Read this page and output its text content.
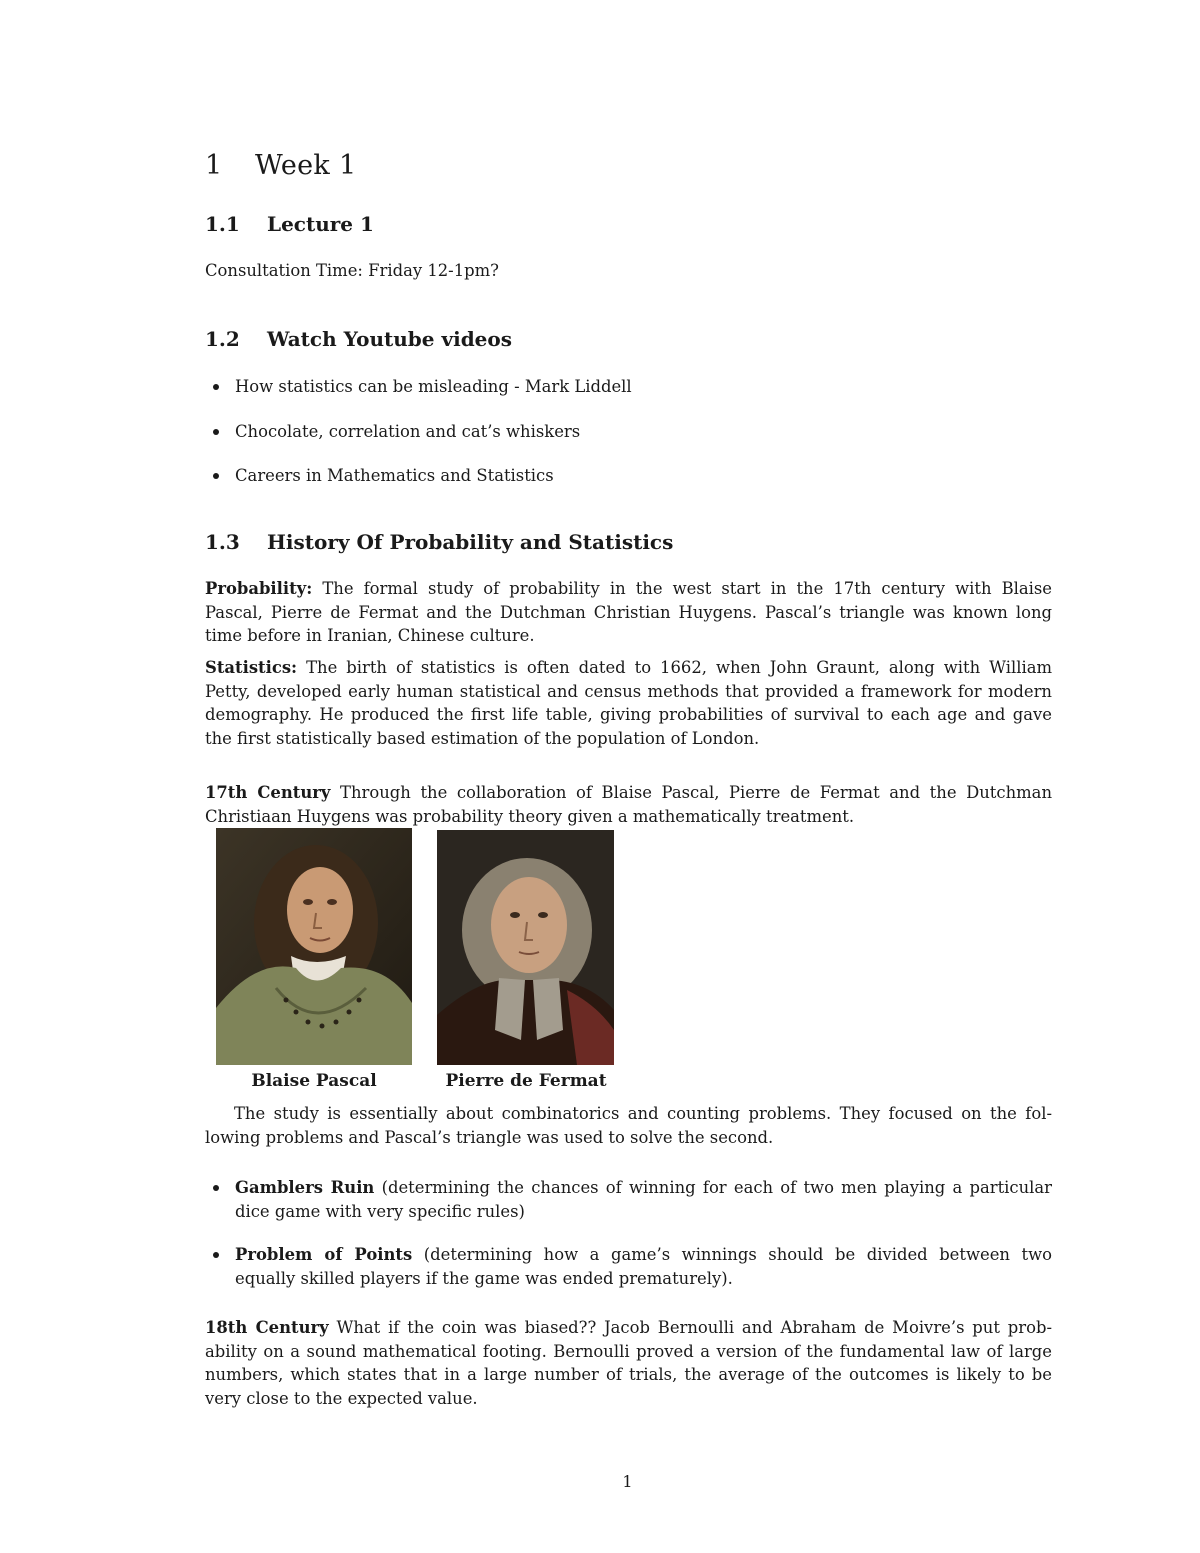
1 Week 1
1.1 Lecture 1

Consultation Time: Friday 12-1pm?

1.2 Watch Youtube videos
How statistics can be misleading - Mark Liddell
Chocolate, correlation and cat’s whiskers
Careers in Mathematics and Statistics
1.3 History Of Probability and Statistics
Probability: The formal study of probability in the west start in the 17th century with Blaise
Pascal, Pierre de Fermat and the Dutchman Christian Huygens. Pascal’s triangle was known long
time before in Iranian, Chinese culture.
Statistics: The birth of statistics is often dated to 1662, when John Graunt, along with William
Petty, developed early human statistical and census methods that provided a framework for modern
demography. He produced the first life table, giving probabilities of survival to each age and gave
the first statistically based estimation of the population of London.
17th Century Through the collaboration of Blaise Pascal, Pierre de Fermat and the Dutchman
Christiaan Huygens was probability theory given a mathematically treatment.
Blaise Pascal	Pierre de Fermat
The study is essentially about combinatorics and counting problems. They focused on the fol-
lowing problems and Pascal’s triangle was used to solve the second.
Gamblers Ruin (determining the chances of winning for each of two men playing a particular
dice game with very specific rules)
Problem of Points (determining how a game’s winnings should be divided between two
equally skilled players if the game was ended prematurely).
18th Century What if the coin was biased?? Jacob Bernoulli and Abraham de Moivre’s put prob-
ability on a sound mathematical footing. Bernoulli proved a version of the fundamental law of large
numbers, which states that in a large number of trials, the average of the outcomes is likely to be
very close to the expected value.
1
